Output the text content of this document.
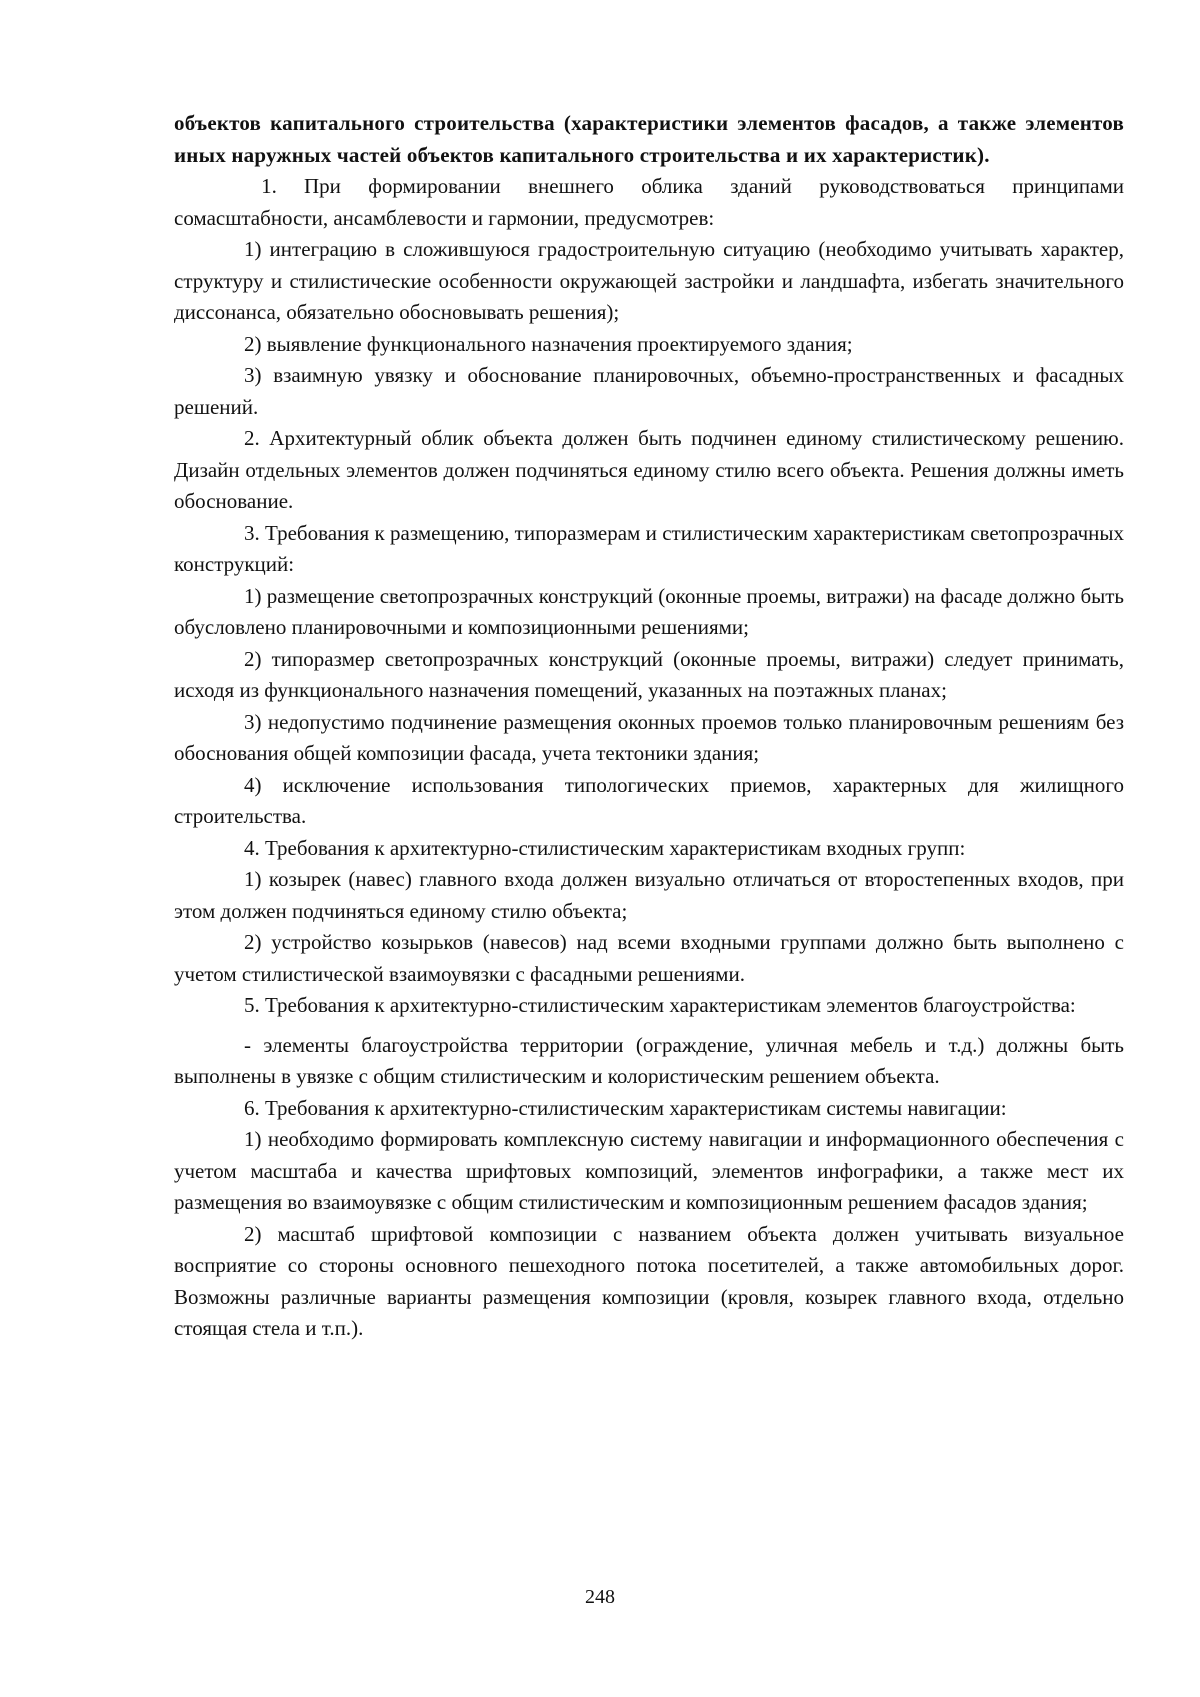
объектов капитального строительства (характеристики элементов фасадов, а также элементов иных наружных частей объектов капитального строительства и их характеристик).

1. При формировании внешнего облика зданий руководствоваться принципами сомасштабности, ансамблевости и гармонии, предусмотрев:

1) интеграцию в сложившуюся градостроительную ситуацию (необходимо учитывать характер, структуру и стилистические особенности окружающей застройки и ландшафта, избегать значительного диссонанса, обязательно обосновывать решения);

2) выявление функционального назначения проектируемого здания;

3) взаимную увязку и обоснование планировочных, объемно-пространственных и фасадных решений.

2. Архитектурный облик объекта должен быть подчинен единому стилистическому решению. Дизайн отдельных элементов должен подчиняться единому стилю всего объекта. Решения должны иметь обоснование.

3. Требования к размещению, типоразмерам и стилистическим характеристикам светопрозрачных конструкций:

1) размещение светопрозрачных конструкций (оконные проемы, витражи) на фасаде должно быть обусловлено планировочными и композиционными решениями;

2) типоразмер светопрозрачных конструкций (оконные проемы, витражи) следует принимать, исходя из функционального назначения помещений, указанных на поэтажных планах;

3) недопустимо подчинение размещения оконных проемов только планировочным решениям без обоснования общей композиции фасада, учета тектоники здания;

4) исключение использования типологических приемов, характерных для жилищного строительства.

4. Требования к архитектурно-стилистическим характеристикам входных групп:

1) козырек (навес) главного входа должен визуально отличаться от второстепенных входов, при этом должен подчиняться единому стилю объекта;

2) устройство козырьков (навесов) над всеми входными группами должно быть выполнено с учетом стилистической взаимоувязки с фасадными решениями.

5. Требования к архитектурно-стилистическим характеристикам элементов благоустройства:

- элементы благоустройства территории (ограждение, уличная мебель и т.д.) должны быть выполнены в увязке с общим стилистическим и колористическим решением объекта.

6. Требования к архитектурно-стилистическим характеристикам системы навигации:

1) необходимо формировать комплексную систему навигации и информационного обеспечения с учетом масштаба и качества шрифтовых композиций, элементов инфографики, а также мест их размещения во взаимоувязке с общим стилистическим и композиционным решением фасадов здания;

2) масштаб шрифтовой композиции с названием объекта должен учитывать визуальное восприятие со стороны основного пешеходного потока посетителей, а также автомобильных дорог. Возможны различные варианты размещения композиции (кровля, козырек главного входа, отдельно стоящая стела и т.п.).

248
